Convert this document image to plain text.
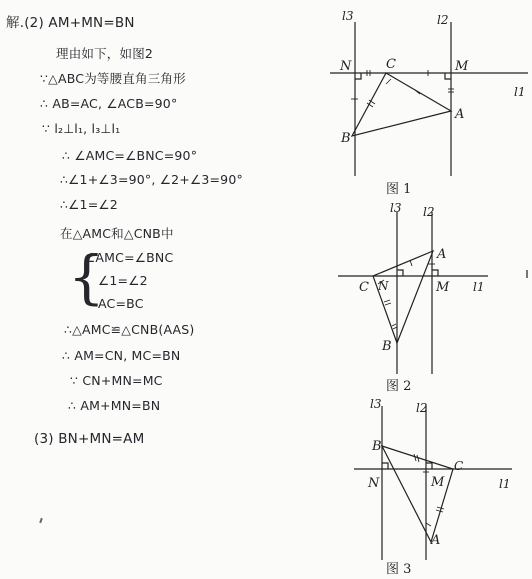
解.(2) AM+MN=BN
理由如下，如图2
∵△ABC为等腰直角三角形
∴ AB=AC, ∠ACB=90°
∵ l₂⊥l₁, l₃⊥l₁
∴ ∠AMC=∠BNC=90°
∴∠1+∠3=90°, ∠2+∠3=90°
∴∠1=∠2
在△AMC和△CNB中
{
∠AMC=∠BNC
∠1=∠2
AC=BC
∴△AMC≌△CNB(AAS)
∴ AM=CN, MC=BN
∵ CN+MN=MC
∴ AM+MN=BN
(3) BN+MN=AM
l3	l2
l1
N	C	M
A
B
图 1
l3 l2
l1
N
C	M
A
B
图 2
l3	l2
l1
N
C
M
A
B
图 3
